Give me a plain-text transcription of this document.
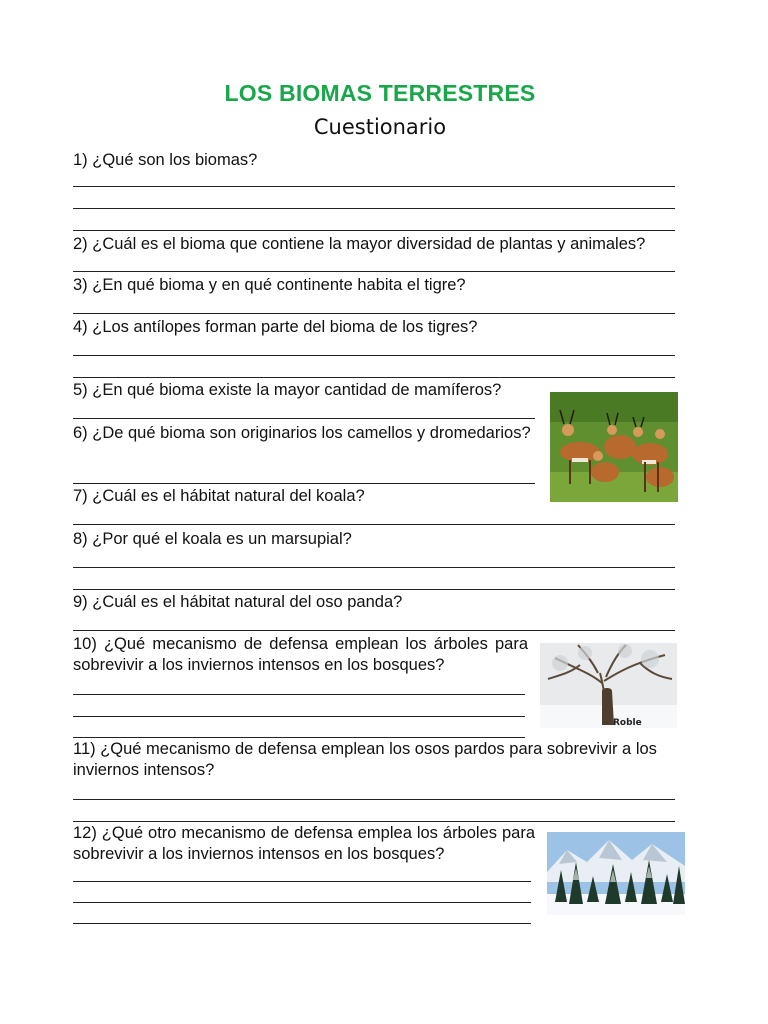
LOS BIOMAS TERRESTRES
Cuestionario
1) ¿Qué son los biomas?
2) ¿Cuál es el bioma que contiene la mayor diversidad de plantas y animales?
3) ¿En qué bioma y en qué continente habita el tigre?
4) ¿Los antílopes forman parte del bioma de los tigres?
5) ¿En qué bioma existe la mayor cantidad de mamíferos?
6) ¿De qué bioma son originarios los camellos y dromedarios?
7) ¿Cuál es el hábitat natural del koala?
8) ¿Por qué el koala es un marsupial?
9) ¿Cuál es el hábitat natural del oso panda?
10) ¿Qué mecanismo de defensa emplean los árboles para sobrevivir a los inviernos intensos en los bosques?
11) ¿Qué mecanismo de defensa emplean los osos pardos para sobrevivir a los inviernos intensos?
12) ¿Qué otro mecanismo de defensa emplea los árboles para sobrevivir a los inviernos intensos en los bosques?
Roble
